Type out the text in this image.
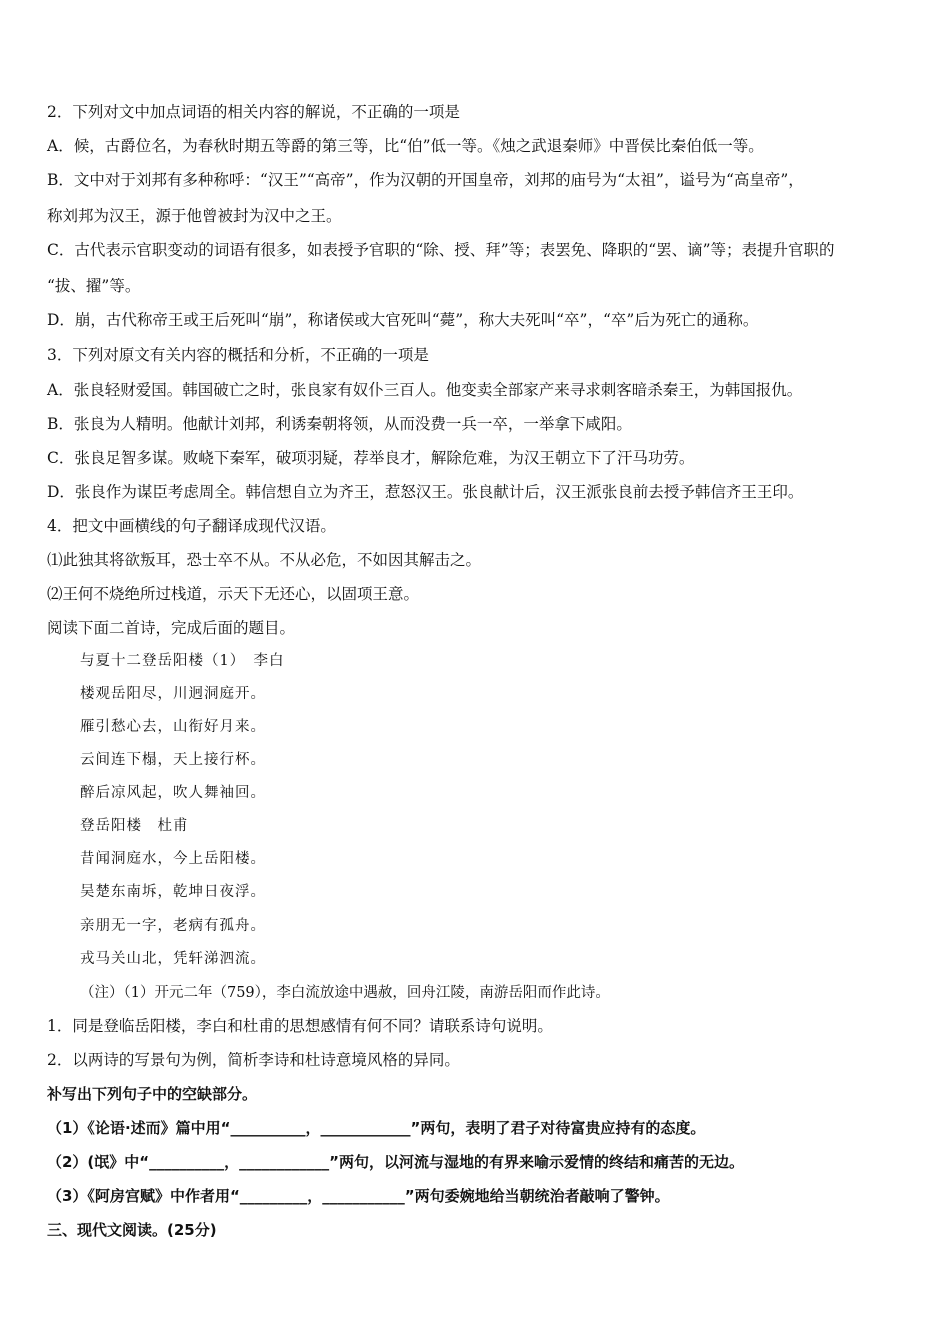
2．下列对文中加点词语的相关内容的解说，不正确的一项是
A．候，古爵位名，为春秋时期五等爵的第三等，比“伯”低一等。《烛之武退秦师》中晋侯比秦伯低一等。
B．文中对于刘邦有多种称呼：“汉王”“高帝”，作为汉朝的开国皇帝，刘邦的庙号为“太祖”，谥号为“高皇帝”，
称刘邦为汉王，源于他曾被封为汉中之王。
C．古代表示官职变动的词语有很多，如表授予官职的“除、授、拜”等；表罢免、降职的“罢、谪”等；表提升官职的
“拔、擢”等。
D．崩，古代称帝王或王后死叫“崩”，称诸侯或大官死叫“薨”，称大夫死叫“卒”，“卒”后为死亡的通称。
3．下列对原文有关内容的概括和分析，不正确的一项是
A．张良轻财爱国。韩国破亡之时，张良家有奴仆三百人。他变卖全部家产来寻求刺客暗杀秦王，为韩国报仇。
B．张良为人精明。他献计刘邦，利诱秦朝将领，从而没费一兵一卒，一举拿下咸阳。
C．张良足智多谋。败峣下秦军，破项羽疑，荐举良才，解除危难，为汉王朝立下了汗马功劳。
D．张良作为谋臣考虑周全。韩信想自立为齐王，惹怒汉王。张良献计后，汉王派张良前去授予韩信齐王王印。
4．把文中画横线的句子翻译成现代汉语。
⑴此独其将欲叛耳，恐士卒不从。不从必危，不如因其解击之。
⑵王何不烧绝所过栈道，示天下无还心，以固项王意。
阅读下面二首诗，完成后面的题目。
与夏十二登岳阳楼（1）　李白
楼观岳阳尽，川迥洞庭开。
雁引愁心去，山衔好月来。
云间连下榻，天上接行杯。
醉后凉风起，吹人舞袖回。
登岳阳楼　杜甫
昔闻洞庭水，今上岳阳楼。
吴楚东南坼，乾坤日夜浮。
亲朋无一字，老病有孤舟。
戎马关山北，凭轩涕泗流。
（注）（1）开元二年（759），李白流放途中遇赦，回舟江陵，南游岳阳而作此诗。
1．同是登临岳阳楼，李白和杜甫的思想感情有何不同？请联系诗句说明。
2．以两诗的写景句为例，简析李诗和杜诗意境风格的异同。
补写出下列句子中的空缺部分。
（1）《论语·述而》篇中用“__________，____________”两句，表明了君子对待富贵应持有的态度。
（2）(氓》中“__________，____________”两句，以河流与湿地的有界来喻示爱情的终结和痛苦的无边。
（3）《阿房宫赋》中作者用“_________，___________”两句委婉地给当朝统治者敲响了警钟。
三、现代文阅读。(25分)
